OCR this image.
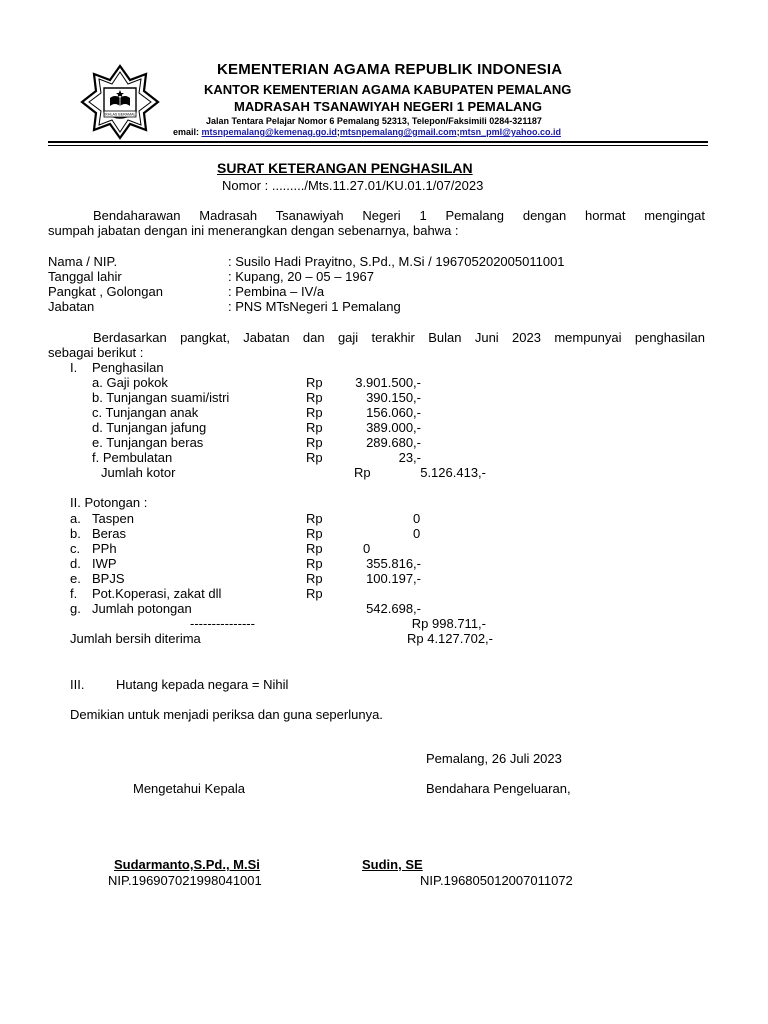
IKHLAS BERAMAL
KEMENTERIAN AGAMA REPUBLIK INDONESIA
KANTOR KEMENTERIAN AGAMA KABUPATEN PEMALANG
MADRASAH TSANAWIYAH NEGERI 1 PEMALANG
Jalan Tentara Pelajar Nomor 6 Pemalang 52313, Telepon/Faksimili 0284-321187
email: mtsnpemalang@kemenag.go.id;mtsnpemalang@gmail.com;mtsn_pml@yahoo.co.id
SURAT KETERANGAN PENGHASILAN
Nomor : ........./Mts.11.27.01/KU.01.1/07/2023
Bendaharawan Madrasah Tsanawiyah Negeri 1 Pemalang dengan hormat mengingat
sumpah jabatan dengan ini menerangkan dengan sebenarnya, bahwa :
Nama / NIP.	: Susilo Hadi Prayitno, S.Pd., M.Si / 196705202005011001
Tanggal lahir	: Kupang, 20 – 05 – 1967
Pangkat , Golongan	: Pembina – IV/a
Jabatan	: PNS MTsNegeri 1 Pemalang
Berdasarkan pangkat, Jabatan dan gaji terakhir Bulan Juni 2023 mempunyai penghasilan
sebagai berikut :
I. Penghasilan
a. Gaji pokok	Rp	3.901.500,-
b. Tunjangan suami/istri	Rp	390.150,-
c. Tunjangan anak	Rp	156.060,-
d. Tunjangan jafung	Rp	389.000,-
e. Tunjangan beras	Rp	289.680,-
f. Pembulatan	Rp	23,-
Jumlah kotor	Rp	5.126.413,-
II. Potongan :
a. Taspen	Rp	0
b. Beras	Rp	0
c. PPh	Rp	0
d. IWP	Rp	355.816,-
e. BPJS	Rp	100.197,-
f. Pot.Koperasi, zakat dll	Rp
g. Jumlah potongan	542.698,-
---------------	Rp 998.711,-
Jumlah bersih diterima	Rp 4.127.702,-
III. Hutang kepada negara = Nihil
Demikian untuk menjadi periksa dan guna seperlunya.
Pemalang, 26 Juli 2023
Mengetahui Kepala	Bendahara Pengeluaran,
Sudarmanto,S.Pd., M.Si	Sudin, SE
NIP.196907021998041001	NIP.196805012007011072
